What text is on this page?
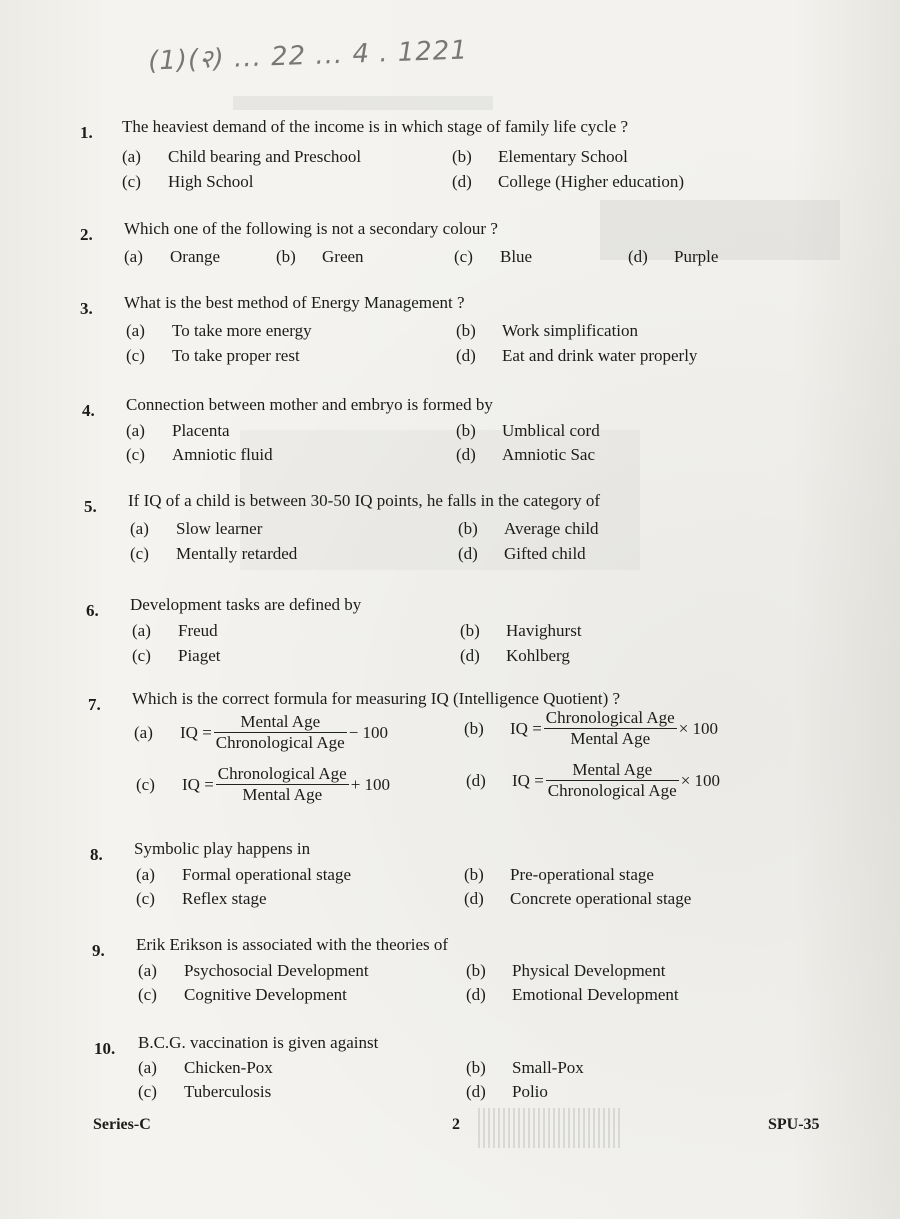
(1)(२) ... 22 ... 4 . 1221
1. The heaviest demand of the income is in which stage of family life cycle ?
(a) Child bearing and Preschool	(b) Elementary School
(c) High School	(d) College (Higher education)
2. Which one of the following is not a secondary colour ?
(a) Orange	(b) Green	(c) Blue	(d) Purple
3. What is the best method of Energy Management ?
(a) To take more energy	(b) Work simplification
(c) To take proper rest	(d) Eat and drink water properly
4. Connection between mother and embryo is formed by
(a) Placenta	(b) Umblical cord
(c) Amniotic fluid	(d) Amniotic Sac
5. If IQ of a child is between 30-50 IQ points, he falls in the category of
(a) Slow learner	(b) Average child
(c) Mentally retarded	(d) Gifted child
6. Development tasks are defined by
(a) Freud	(b) Havighurst
(c) Piaget	(d) Kohlberg
7. Which is the correct formula for measuring IQ (Intelligence Quotient) ?
(a)	IQ = $\frac{\text{Mental Age}}{\text{Chronological Age}} - 100$	(b)	IQ = $\frac{\text{Chronological Age}}{\text{Mental Age}} \times 100$
(c)	IQ = $\frac{\text{Chronological Age}}{\text{Mental Age}} + 100$	(d)	IQ = $\frac{\text{Mental Age}}{\text{Chronological Age}} \times 100$
8. Symbolic play happens in
(a) Formal operational stage	(b) Pre-operational stage
(c) Reflex stage	(d) Concrete operational stage
9. Erik Erikson is associated with the theories of
(a) Psychosocial Development	(b) Physical Development
(c) Cognitive Development	(d) Emotional Development
10. B.C.G. vaccination is given against
(a) Chicken-Pox	(b) Small-Pox
(c) Tuberculosis	(d) Polio
Series-C	2	SPU-35
